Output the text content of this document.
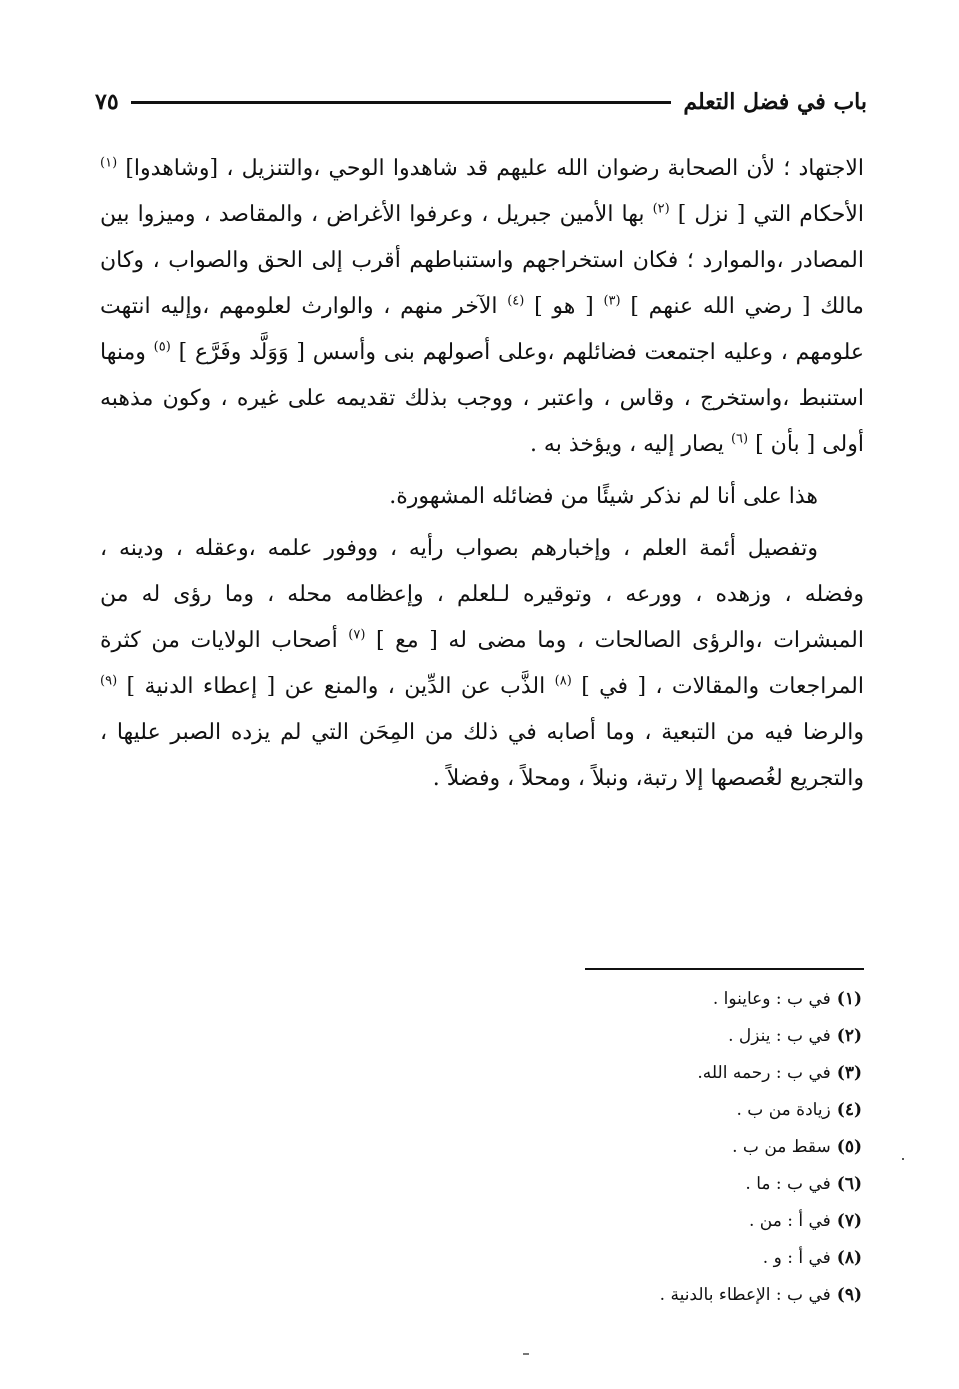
باب في فضل التعلم
٧٥

الاجتهاد ؛ لأن الصحابة رضوان الله عليهم قد شاهدوا الوحي ،والتنزيل ، [وشاهدوا] $^{(١)}$ الأحكام التي [ نزل ] $^{(٢)}$ بها الأمين جبريل ، وعرفوا الأغراض ، والمقاصد ، وميزوا بين المصادر ،والموارد ؛ فكان استخراجهم واستنباطهم أقرب إلى الحق والصواب ، وكان مالك [ رضي الله عنهم ] $^{(٣)}$ [ هو ] $^{(٤)}$ الآخر منهم ، والوارث لعلومهم ،وإليه انتهت علومهم ، وعليه اجتمعت فضائلهم ،وعلى أصولهم بنى وأسس [ وَوَلَّد وفَرَّع ] $^{(٥)}$ ومنها استنبط ،واستخرج ، وقاس ، واعتبر ، ووجب بذلك تقديمه على غيره ، وكون مذهبه أولى [ بأن ] $^{(٦)}$ يصار إليه ، ويؤخذ به .

هذا على أنا لم نذكر شيئًا من فضائله المشهورة.

وتفصيل أئمة العلم ، وإخبارهم بصواب رأيه ، ووفور علمه ،وعقله ، ودينه ، وفضله ، وزهده ، وورعه ، وتوقيره لـلعلم ، وإعظامه محله ، وما رؤى له من المبشرات ،والرؤى الصالحات ، وما مضى له [ مع ] $^{(٧)}$ أصحاب الولايات من كثرة المراجعات والمقالات ، [ في ] $^{(٨)}$ الذَّب عن الدِّين ، والمنع عن [ إعطاء الدنية ] $^{(٩)}$ والرضا فيه من التبعية ، وما أصابه في ذلك من المِحَن التي لم يزده الصبر عليها ، والتجريع لغُصصها إلا رتبة، ونبلاً ، ومحلاً ، وفضلاً .

(١)في ب : وعاينوا .
(٢)في ب : ينزل .
(٣)في ب : رحمه الله.
(٤)زيادة من ب .
(٥)سقط من ب .
(٦)في ب : ما .
(٧)في أ : من .
(٨)في أ : و .
(٩)في ب : الإعطاء بالدنية .
